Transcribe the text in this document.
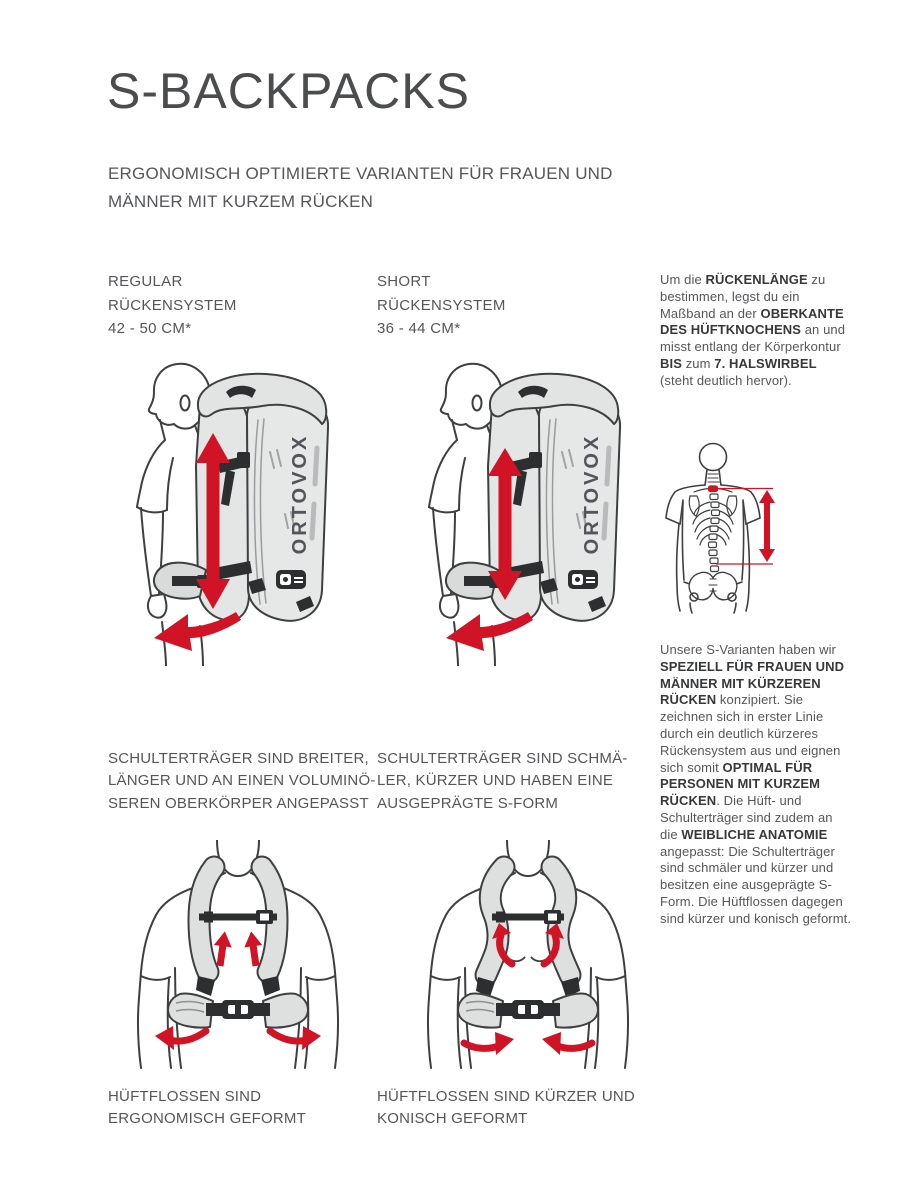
S-BACKPACKS
ERGONOMISCH OPTIMIERTE VARIANTEN FÜR FRAUEN UND
MÄNNER MIT KURZEM RÜCKEN
REGULAR
RÜCKENSYSTEM
42 - 50 CM*
SHORT
RÜCKENSYSTEM
36 - 44 CM*
ORTOVOX	ORTOVOX

Um die RÜCKENLÄNGE zu bestimmen, legst du ein Maßband an der OBERKANTE DES HÜFTKNOCHENS an und misst entlang der Körperkontur BIS zum 7. HALSWIRBEL (steht deutlich hervor).

Unsere S-Varianten haben wir SPEZIELL FÜR FRAUEN UND MÄNNER MIT KÜRZEREN RÜCKEN konzipiert. Sie zeichnen sich in erster Linie durch ein deutlich kürzeres Rückensystem aus und eignen sich somit OPTIMAL FÜR PERSONEN MIT KURZEM RÜCKEN. Die Hüft- und Schulterträger sind zudem an die WEIBLICHE ANATOMIE angepasst: Die Schulterträger sind schmäler und kürzer und besitzen eine ausgeprägte S-Form. Die Hüftflossen dagegen sind kürzer und konisch geformt.

SCHULTERTRÄGER SIND BREITER,
LÄNGER UND AN EINEN VOLUMINÖ-
SEREN OBERKÖRPER ANGEPASST
SCHULTERTRÄGER SIND SCHMÄ-
LER, KÜRZER UND HABEN EINE
AUSGEPRÄGTE S-FORM
HÜFTFLOSSEN SIND
ERGONOMISCH GEFORMT
HÜFTFLOSSEN SIND KÜRZER UND
KONISCH GEFORMT
